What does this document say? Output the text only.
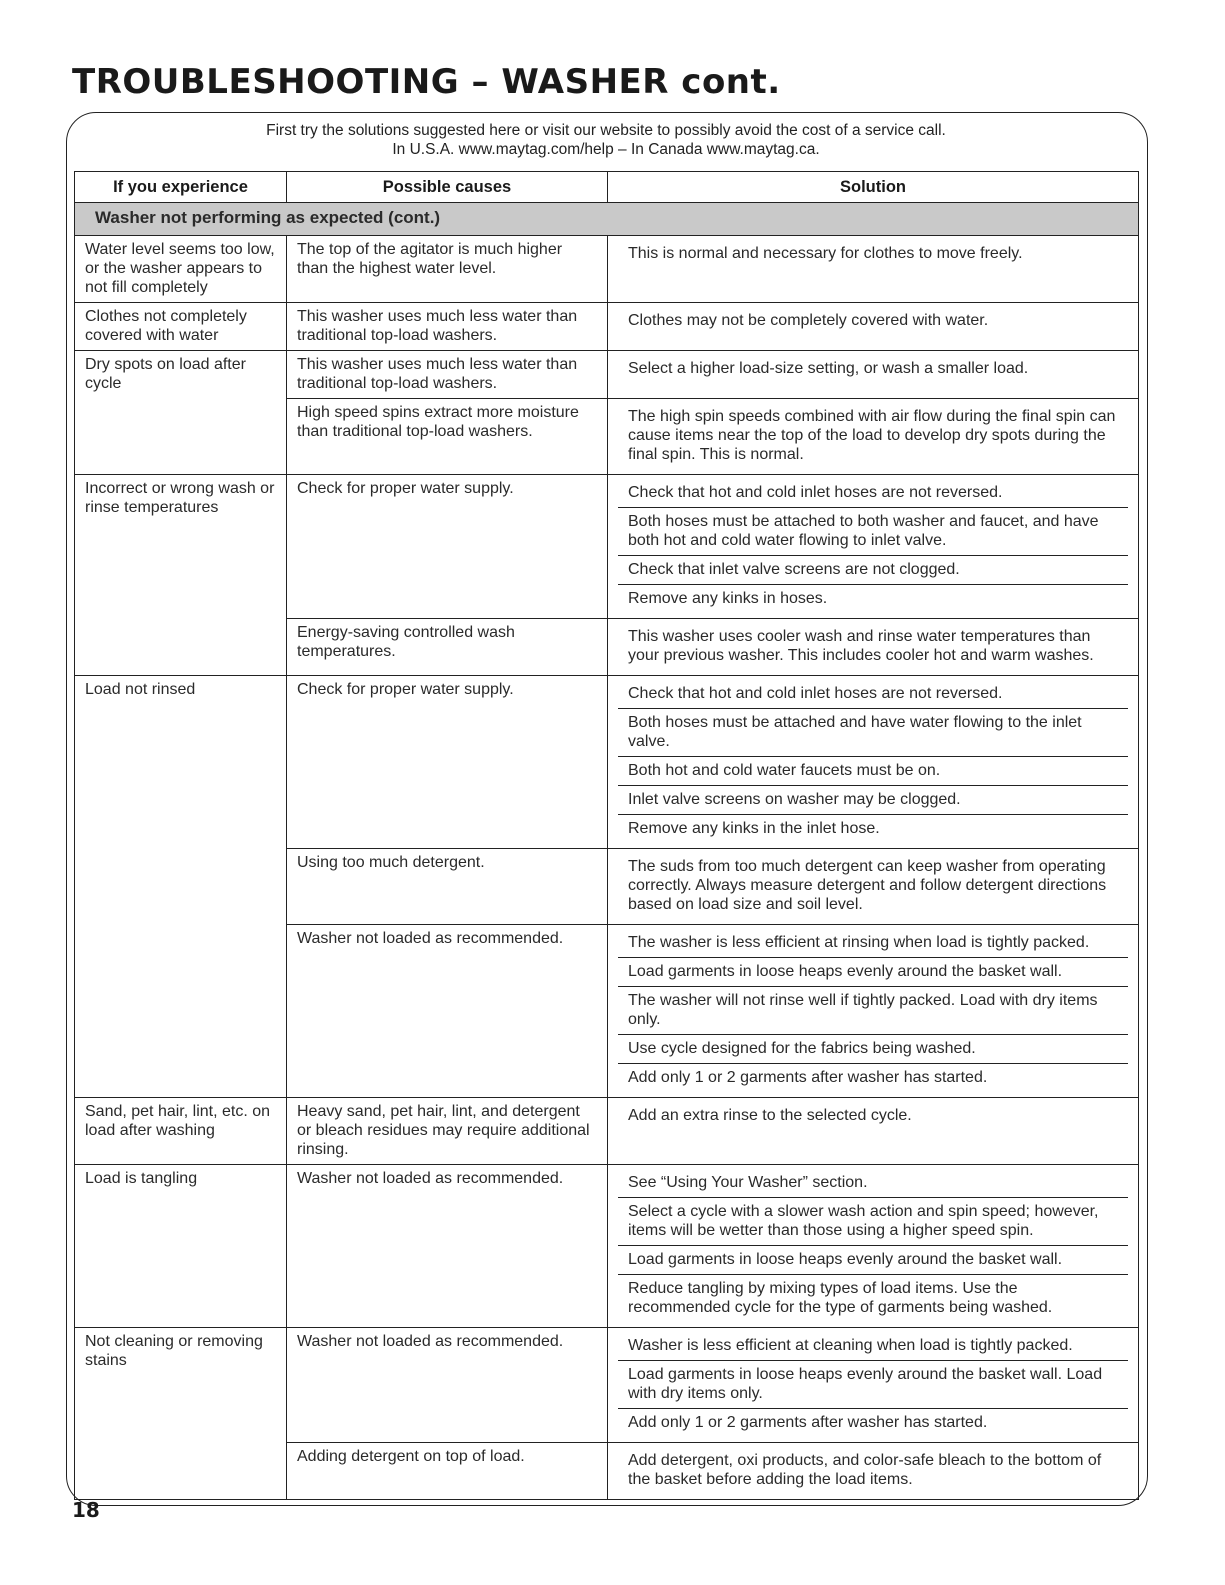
TROUBLESHOOTING – WASHER cont.
First try the solutions suggested here or visit our website to possibly avoid the cost of a service call.
In U.S.A. www.maytag.com/help – In Canada www.maytag.ca.
If you experience	Possible causes	Solution
Washer not performing as expected (cont.)		
Water level seems too low, or the washer appears to not fill completely	The top of the agitator is much higher than the highest water level.	This is normal and necessary for clothes to move freely.

Clothes not completely covered with water	This washer uses much less water than traditional top-load washers.	Clothes may not be completely covered with water.

Dry spots on load after cycle	This washer uses much less water than traditional top-load washers.	Select a higher load-size setting, or wash a smaller load.

	High speed spins extract more moisture than traditional top-load washers.	The high spin speeds combined with air flow during the final spin can cause items near the top of the load to develop dry spots during the final spin. This is normal.

Incorrect or wrong wash or rinse temperatures	Check for proper water supply.	Check that hot and cold inlet hoses are not reversed.
Both hoses must be attached to both washer and faucet, and have both hot and cold water flowing to inlet valve.
Check that inlet valve screens are not clogged.
Remove any kinks in hoses.

	Energy-saving controlled wash temperatures.	This washer uses cooler wash and rinse water temperatures than your previous washer. This includes cooler hot and warm washes.

Load not rinsed	Check for proper water supply.	Check that hot and cold inlet hoses are not reversed.
Both hoses must be attached and have water flowing to the inlet valve.
Both hot and cold water faucets must be on.
Inlet valve screens on washer may be clogged.
Remove any kinks in the inlet hose.

	Using too much detergent.	The suds from too much detergent can keep washer from operating correctly. Always measure detergent and follow detergent directions based on load size and soil level.

	Washer not loaded as recommended.	The washer is less efficient at rinsing when load is tightly packed.
Load garments in loose heaps evenly around the basket wall.
The washer will not rinse well if tightly packed. Load with dry items only.
Use cycle designed for the fabrics being washed.
Add only 1 or 2 garments after washer has started.

Sand, pet hair, lint, etc. on load after washing	Heavy sand, pet hair, lint, and detergent or bleach residues may require additional rinsing.	Add an extra rinse to the selected cycle.

Load is tangling	Washer not loaded as recommended.	See “Using Your Washer” section.
Select a cycle with a slower wash action and spin speed; however, items will be wetter than those using a higher speed spin.
Load garments in loose heaps evenly around the basket wall.
Reduce tangling by mixing types of load items. Use the recommended cycle for the type of garments being washed.

Not cleaning or removing stains	Washer not loaded as recommended.	Washer is less efficient at cleaning when load is tightly packed.
Load garments in loose heaps evenly around the basket wall. Load with dry items only.
Add only 1 or 2 garments after washer has started.

	Adding detergent on top of load.	Add detergent, oxi products, and color-safe bleach to the bottom of the basket before adding the load items.
18
